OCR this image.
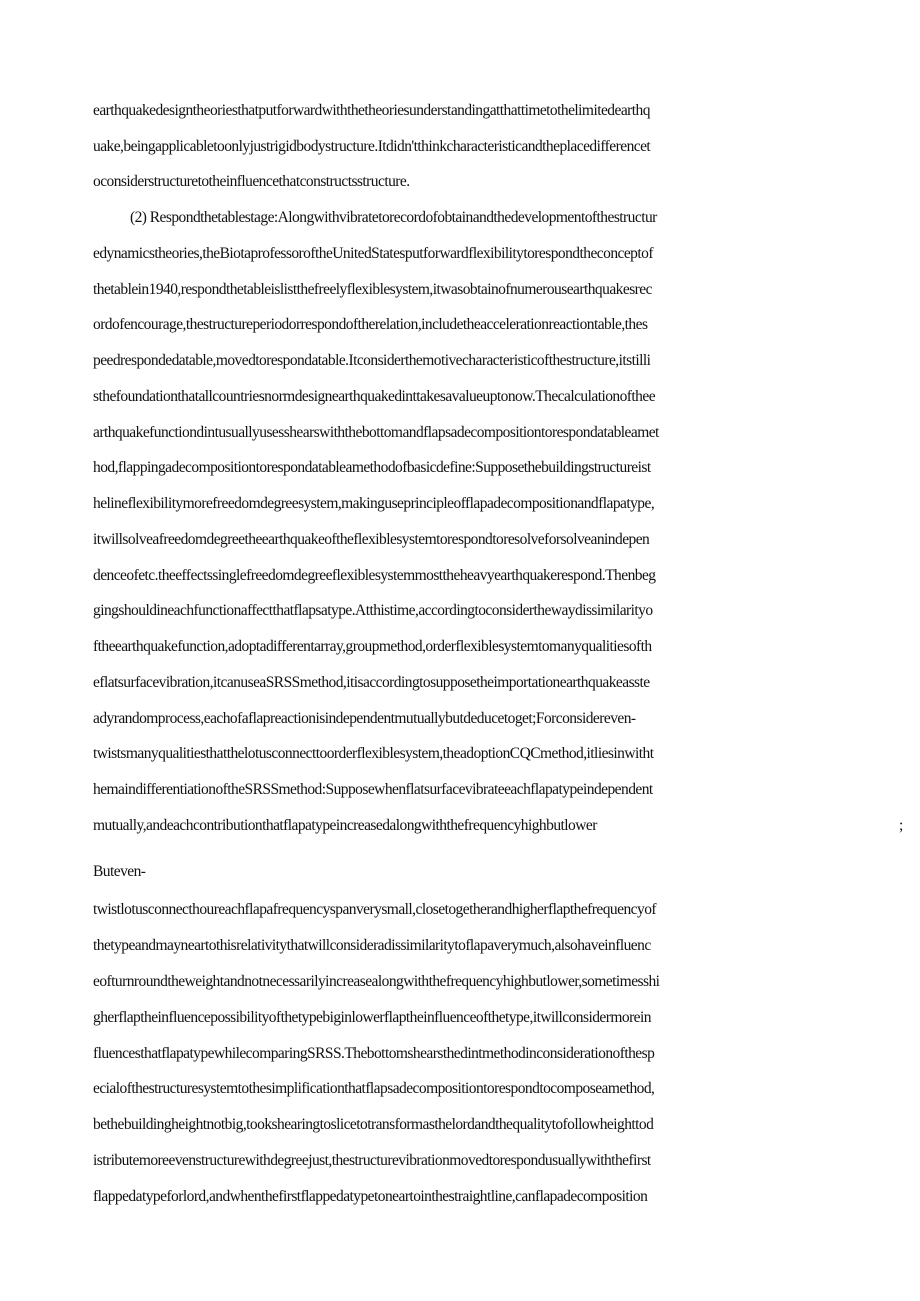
earthquakedesigntheoriesthatputforwardwiththetheoriesunderstandingatthattimetothelimitedearthq
uake,beingapplicabletoonlyjustrigidbodystructure.Itdidn'tthinkcharacteristicandtheplacedifferencet
oconsiderstructuretotheinfluencethatconstructsstructure.
(2) Respondthetablestage:Alongwithvibratetorecordofobtainandthedevelopmentofthestructur
edynamicstheories,theBiotaprofessoroftheUnitedStatesputforwardflexibilitytorespondtheconceptof
thetablein1940,respondthetableislistthefreelyflexiblesystem,itwasobtainofnumerousearthquakesrec
ordofencourage,thestructureperiodorrespondoftherelation,includetheaccelerationreactiontable,thes
peedrespondedatable,movedtorespondatable.Itconsiderthemotivecharacteristicofthestructure,itstilli
sthefoundationthatallcountriesnormdesignearthquakedinttakesavalueuptonow.Thecalculationofthee
arthquakefunctiondintusuallyusesshearswiththebottomandflapsadecompositiontorespondatableamet
hod,flappingadecompositiontorespondatableamethodofbasicdefine:Supposethebuildingstructureist
helineflexibilitymorefreedomdegreesystem,makinguseprincipleofflapadecompositionandflapatype,
itwillsolveafreedomdegreetheearthquakeoftheflexiblesystemtorespondtoresolveforsolveanindepen
denceofetc.theeffectssinglefreedomdegreeflexiblesystemmosttheheavyearthquakerespond.Thenbeg
gingshouldineachfunctionaffectthatflapsatype.Atthistime,accordingtoconsiderthewaydissimilarityo
ftheearthquakefunction,adoptadifferentarray,groupmethod,orderflexiblesystemtomanyqualitiesofth
eflatsurfacevibration,itcanuseaSRSSmethod,itisaccordingtosupposetheimportationearthquakeasste
adyrandomprocess,eachofaflapreactionisindependentmutuallybutdeducetoget;Forconsidereven-
twistsmanyqualitiesthatthelotusconnecttoorderflexiblesystem,theadoptionCQCmethod,itliesinwitht
hemaindifferentiationoftheSRSSmethod:Supposewhenflatsurfacevibrateeachflapatypeindependent
mutually,andeachcontributionthatflapatypeincreasedalongwiththefrequencyhighbutlower	;
Buteven-
twistlotusconnecthoureachflapafrequencyspanverysmall,closetogetherandhigherflapthefrequencyof
thetypeandmayneartothisrelativitythatwillconsideradissimilaritytoflapaverymuch,alsohaveinfluenc
eofturnroundtheweightandnotnecessarilyincreasealongwiththefrequencyhighbutlower,sometimesshi
gherflaptheinfluencepossibilityofthetypebiginlowerflaptheinfluenceofthetype,itwillconsidermorein
fluencesthatflapatypewhilecomparingSRSS.Thebottomshearsthedintmethodinconsiderationofthesp
ecialofthestructuresystemtothesimplificationthatflapsadecompositiontorespondtocomposeamethod,
bethebuildingheightnotbig,tookshearingtoslicetotransformasthelordandthequalitytofollowheighttod
istributemoreevenstructurewithdegreejust,thestructurevibrationmovedtorespondusuallywiththefirst
flappedatypeforlord,andwhenthefirstflappedatypetoneartointhestraightline,canflapadecomposition
